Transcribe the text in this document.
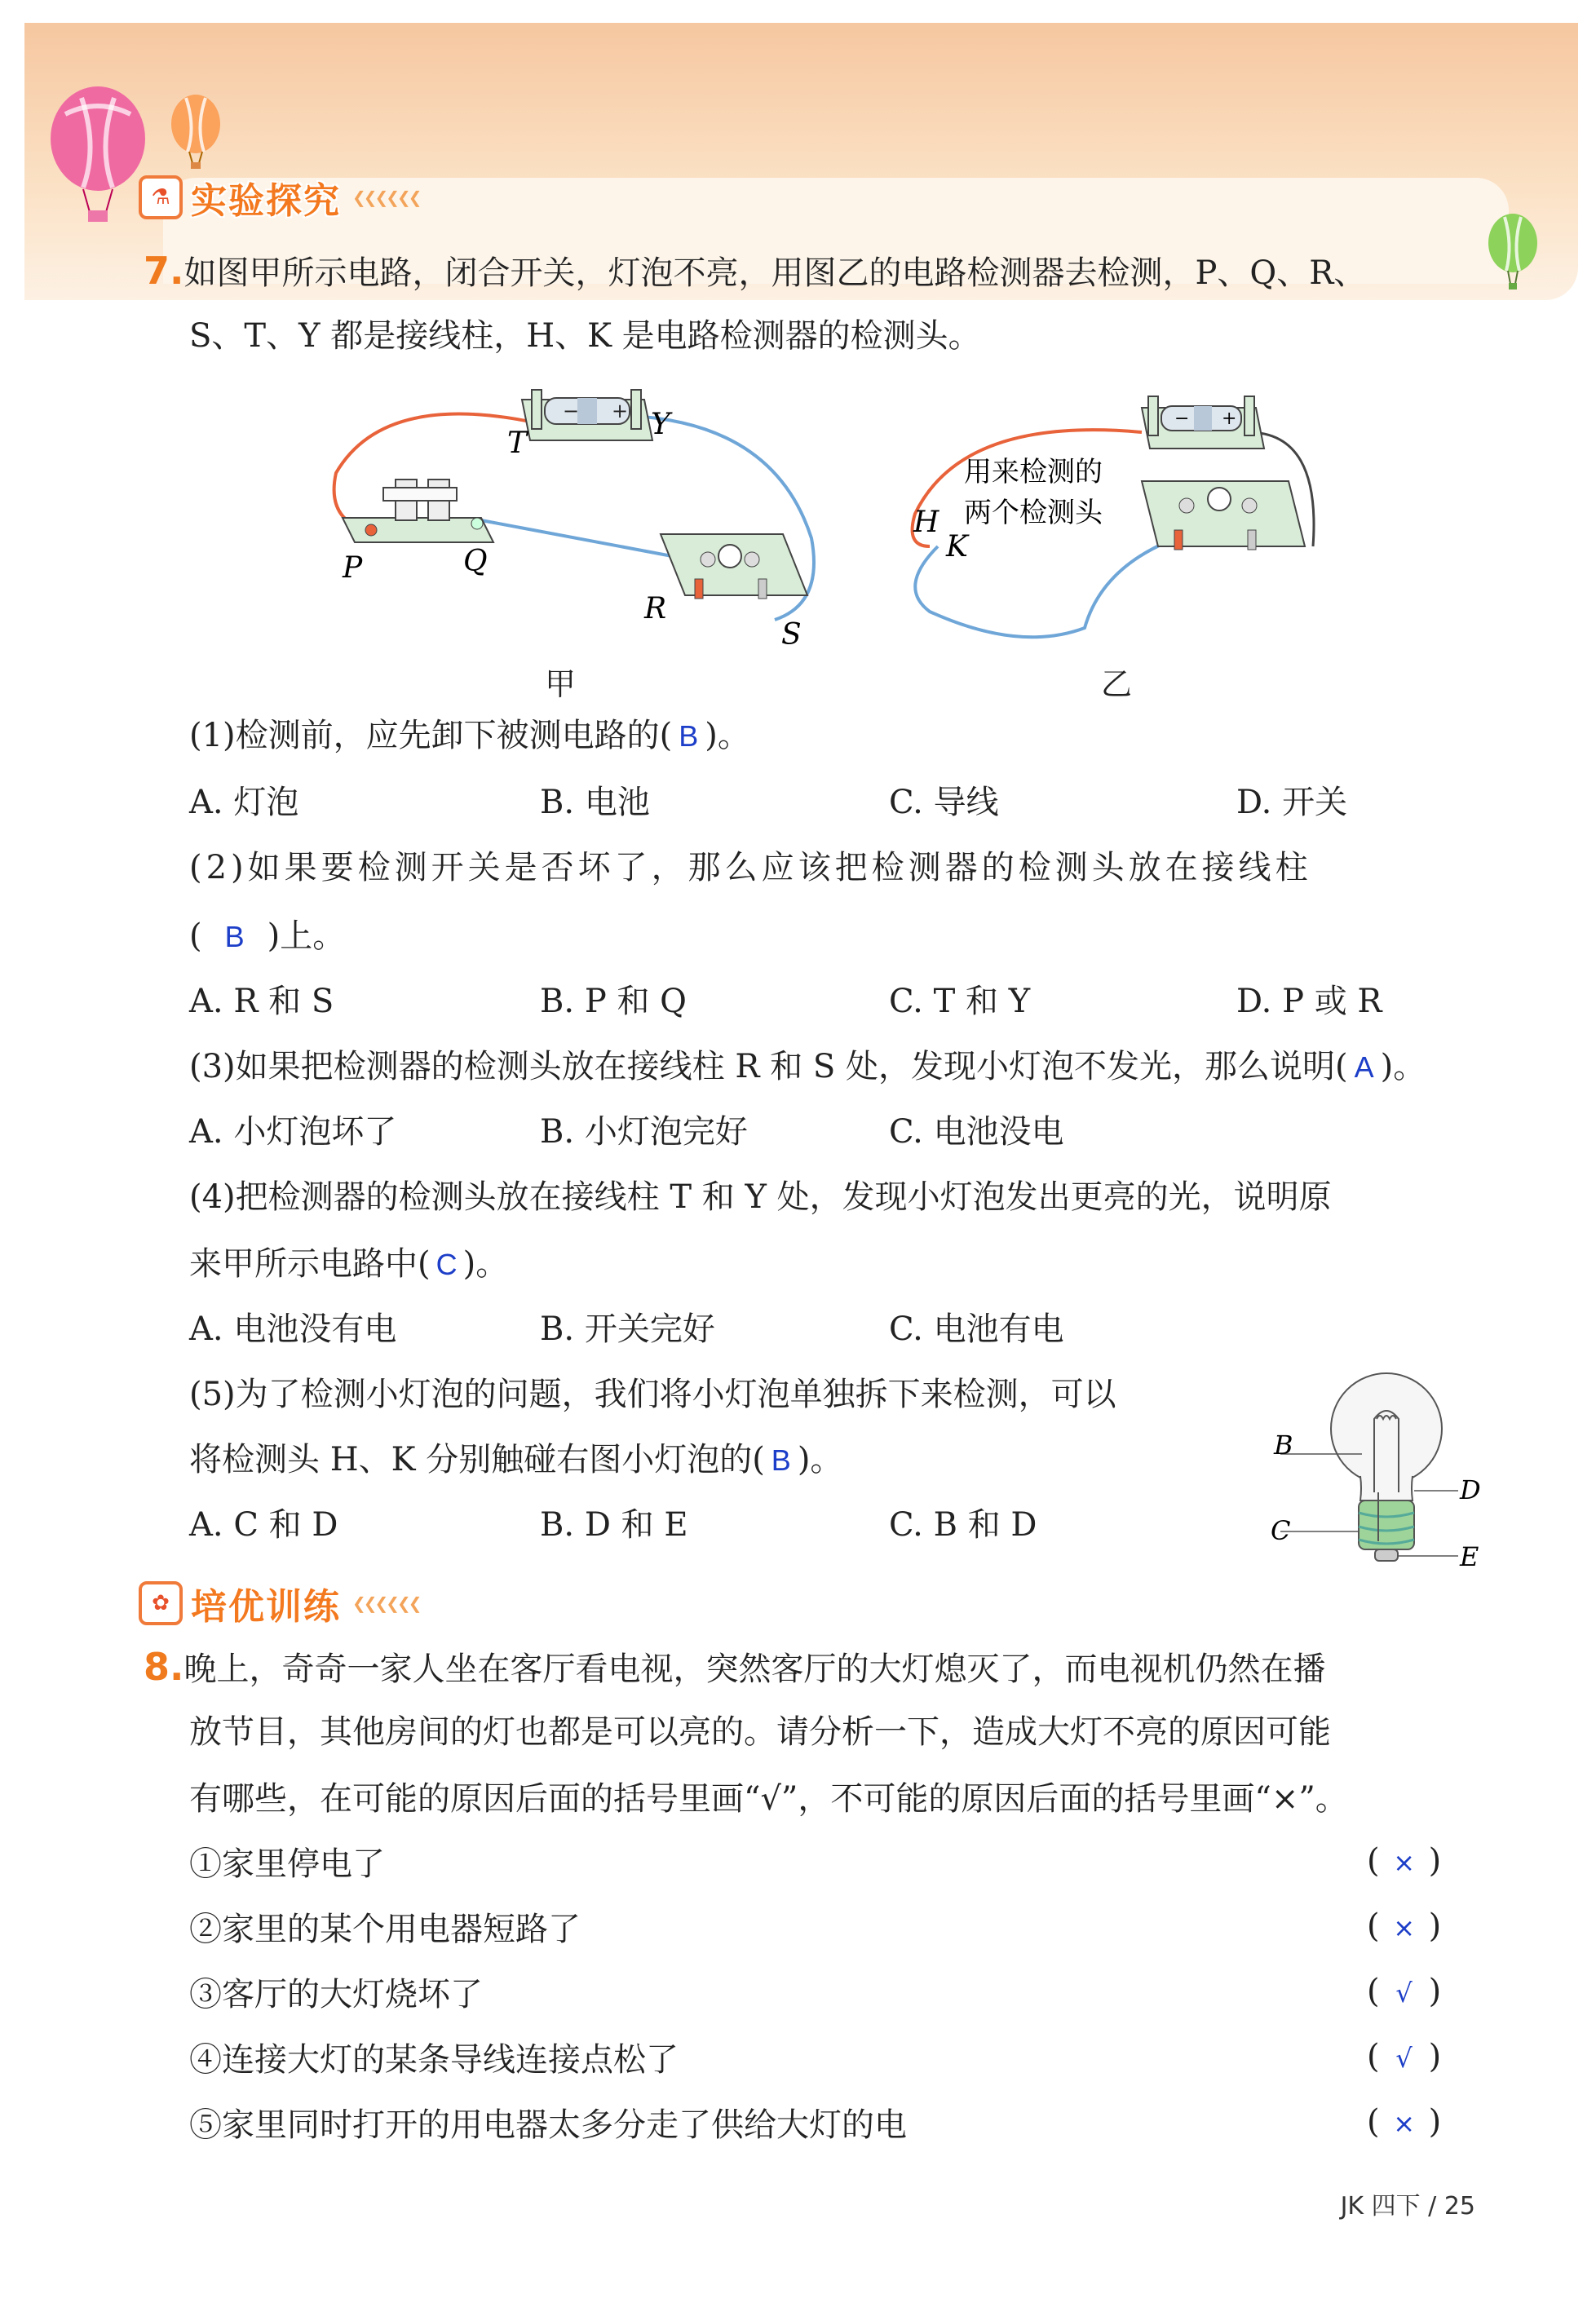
⚗ 实验探究 ❮❮❮❮❮❮
7.如图甲所示电路，闭合开关，灯泡不亮，用图乙的电路检测器去检测，P、Q、R、
S、T、Y 都是接线柱，H、K 是电路检测器的检测头。
− +
T
Y
P	Q
R
S
甲
− +
H
K
用来检测的
两个检测头
乙
(1)检测前，应先卸下被测电路的( B )。
A. 灯泡	B. 电池	C. 导线	D. 开关
(2)如果要检测开关是否坏了，那么应该把检测器的检测头放在接线柱
( B )上。
A. R 和 S	B. P 和 Q	C. T 和 Y	D. P 或 R
(3)如果把检测器的检测头放在接线柱 R 和 S 处，发现小灯泡不发光，那么说明( A )。
A. 小灯泡坏了	B. 小灯泡完好	C. 电池没电
(4)把检测器的检测头放在接线柱 T 和 Y 处，发现小灯泡发出更亮的光，说明原
来甲所示电路中( C )。
A. 电池没有电	B. 开关完好	C. 电池有电
(5)为了检测小灯泡的问题，我们将小灯泡单独拆下来检测，可以
将检测头 H、K 分别触碰右图小灯泡的( B )。
A. C 和 D	B. D 和 E	C. B 和 D
B
D
C
E
✿ 培优训练 ❮❮❮❮❮❮
8.晚上，奇奇一家人坐在客厅看电视，突然客厅的大灯熄灭了，而电视机仍然在播
放节目，其他房间的灯也都是可以亮的。请分析一下，造成大灯不亮的原因可能
有哪些，在可能的原因后面的括号里画“√”，不可能的原因后面的括号里画“×”。
①家里停电了	( × )
②家里的某个用电器短路了	( × )
③客厅的大灯烧坏了	( √ )
④连接大灯的某条导线连接点松了	( √ )
⑤家里同时打开的用电器太多分走了供给大灯的电	( × )
JK 四下 / 25
